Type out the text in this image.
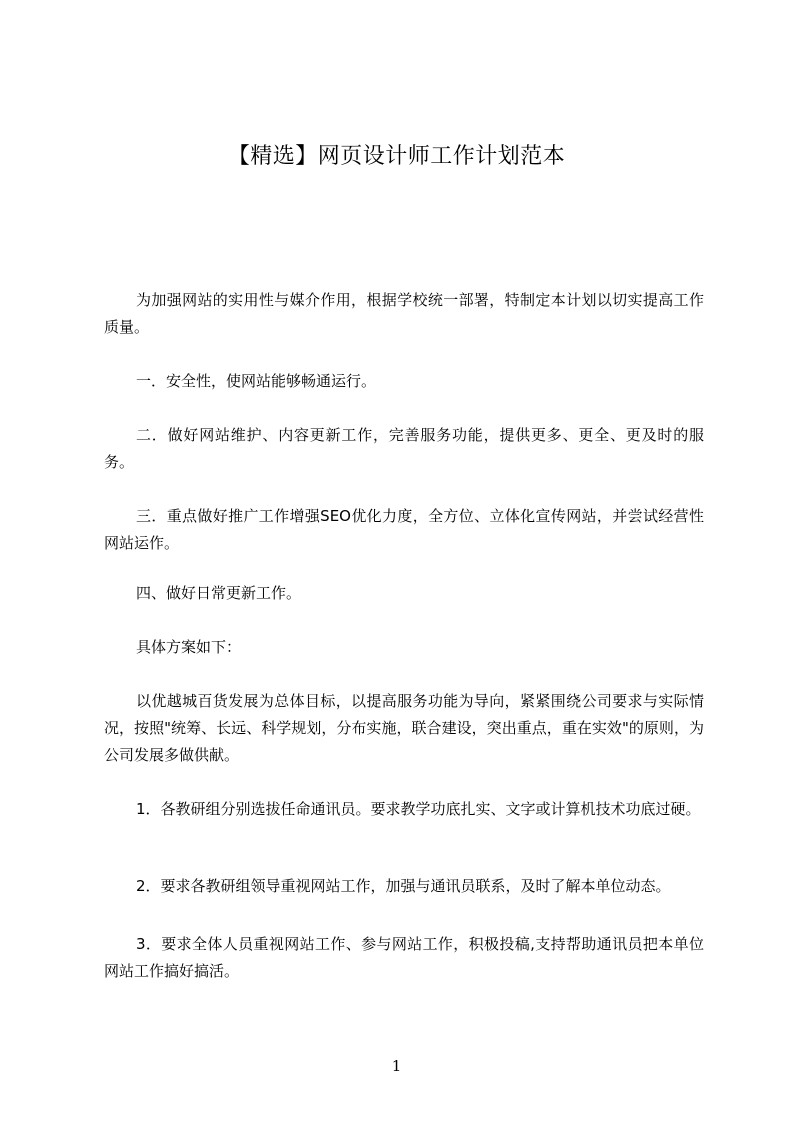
【精选】网页设计师工作计划范本
为加强网站的实用性与媒介作用，根据学校统一部署，特制定本计划以切实提高工作质量。
一．安全性，使网站能够畅通运行。
二．做好网站维护、内容更新工作，完善服务功能，提供更多、更全、更及时的服务。
三．重点做好推广工作增强SEO优化力度，全方位、立体化宣传网站，并尝试经营性网站运作。
四、做好日常更新工作。
具体方案如下：
以优越城百货发展为总体目标，以提高服务功能为导向，紧紧围绕公司要求与实际情况，按照"统筹、长远、科学规划，分布实施，联合建设，突出重点，重在实效"的原则，为公司发展多做供献。
1．各教研组分别选拔任命通讯员。要求教学功底扎实、文字或计算机技术功底过硬。
2．要求各教研组领导重视网站工作，加强与通讯员联系，及时了解本单位动态。
3．要求全体人员重视网站工作、参与网站工作，积极投稿,支持帮助通讯员把本单位网站工作搞好搞活。
1
